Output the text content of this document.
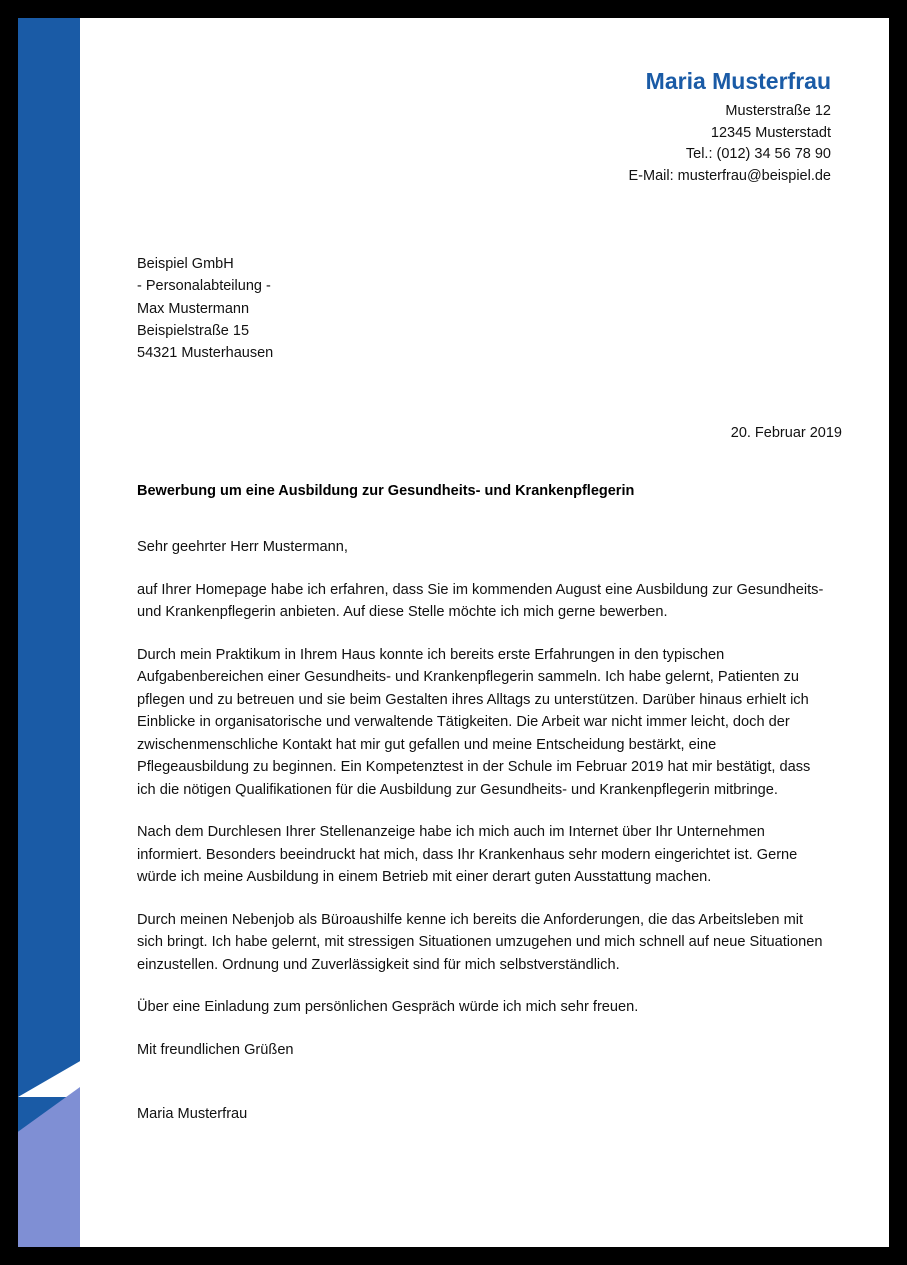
Maria Musterfrau
Musterstraße 12
12345 Musterstadt
Tel.: (012) 34 56 78 90
E-Mail: musterfrau@beispiel.de
Beispiel GmbH
- Personalabteilung -
Max Mustermann
Beispielstraße 15
54321 Musterhausen
20. Februar 2019
Bewerbung um eine Ausbildung zur Gesundheits- und Krankenpflegerin

Sehr geehrter Herr Mustermann,

auf Ihrer Homepage habe ich erfahren, dass Sie im kommenden August eine Ausbildung zur Gesundheits- und Krankenpflegerin anbieten. Auf diese Stelle möchte ich mich gerne bewerben.

Durch mein Praktikum in Ihrem Haus konnte ich bereits erste Erfahrungen in den typischen Aufgabenbereichen einer Gesundheits- und Krankenpflegerin sammeln. Ich habe gelernt, Patienten zu pflegen und zu betreuen und sie beim Gestalten ihres Alltags zu unterstützen. Darüber hinaus erhielt ich Einblicke in organisatorische und verwaltende Tätigkeiten. Die Arbeit war nicht immer leicht, doch der zwischenmenschliche Kontakt hat mir gut gefallen und meine Entscheidung bestärkt, eine Pflegeausbildung zu beginnen. Ein Kompetenztest in der Schule im Februar 2019 hat mir bestätigt, dass ich die nötigen Qualifikationen für die Ausbildung zur Gesundheits- und Krankenpflegerin mitbringe.

Nach dem Durchlesen Ihrer Stellenanzeige habe ich mich auch im Internet über Ihr Unternehmen informiert. Besonders beeindruckt hat mich, dass Ihr Krankenhaus sehr modern eingerichtet ist. Gerne würde ich meine Ausbildung in einem Betrieb mit einer derart guten Ausstattung machen.

Durch meinen Nebenjob als Büroaushilfe kenne ich bereits die Anforderungen, die das Arbeitsleben mit sich bringt. Ich habe gelernt, mit stressigen Situationen umzugehen und mich schnell auf neue Situationen einzustellen. Ordnung und Zuverlässigkeit sind für mich selbstverständlich.

Über eine Einladung zum persönlichen Gespräch würde ich mich sehr freuen.

Mit freundlichen Grüßen

Maria Musterfrau
